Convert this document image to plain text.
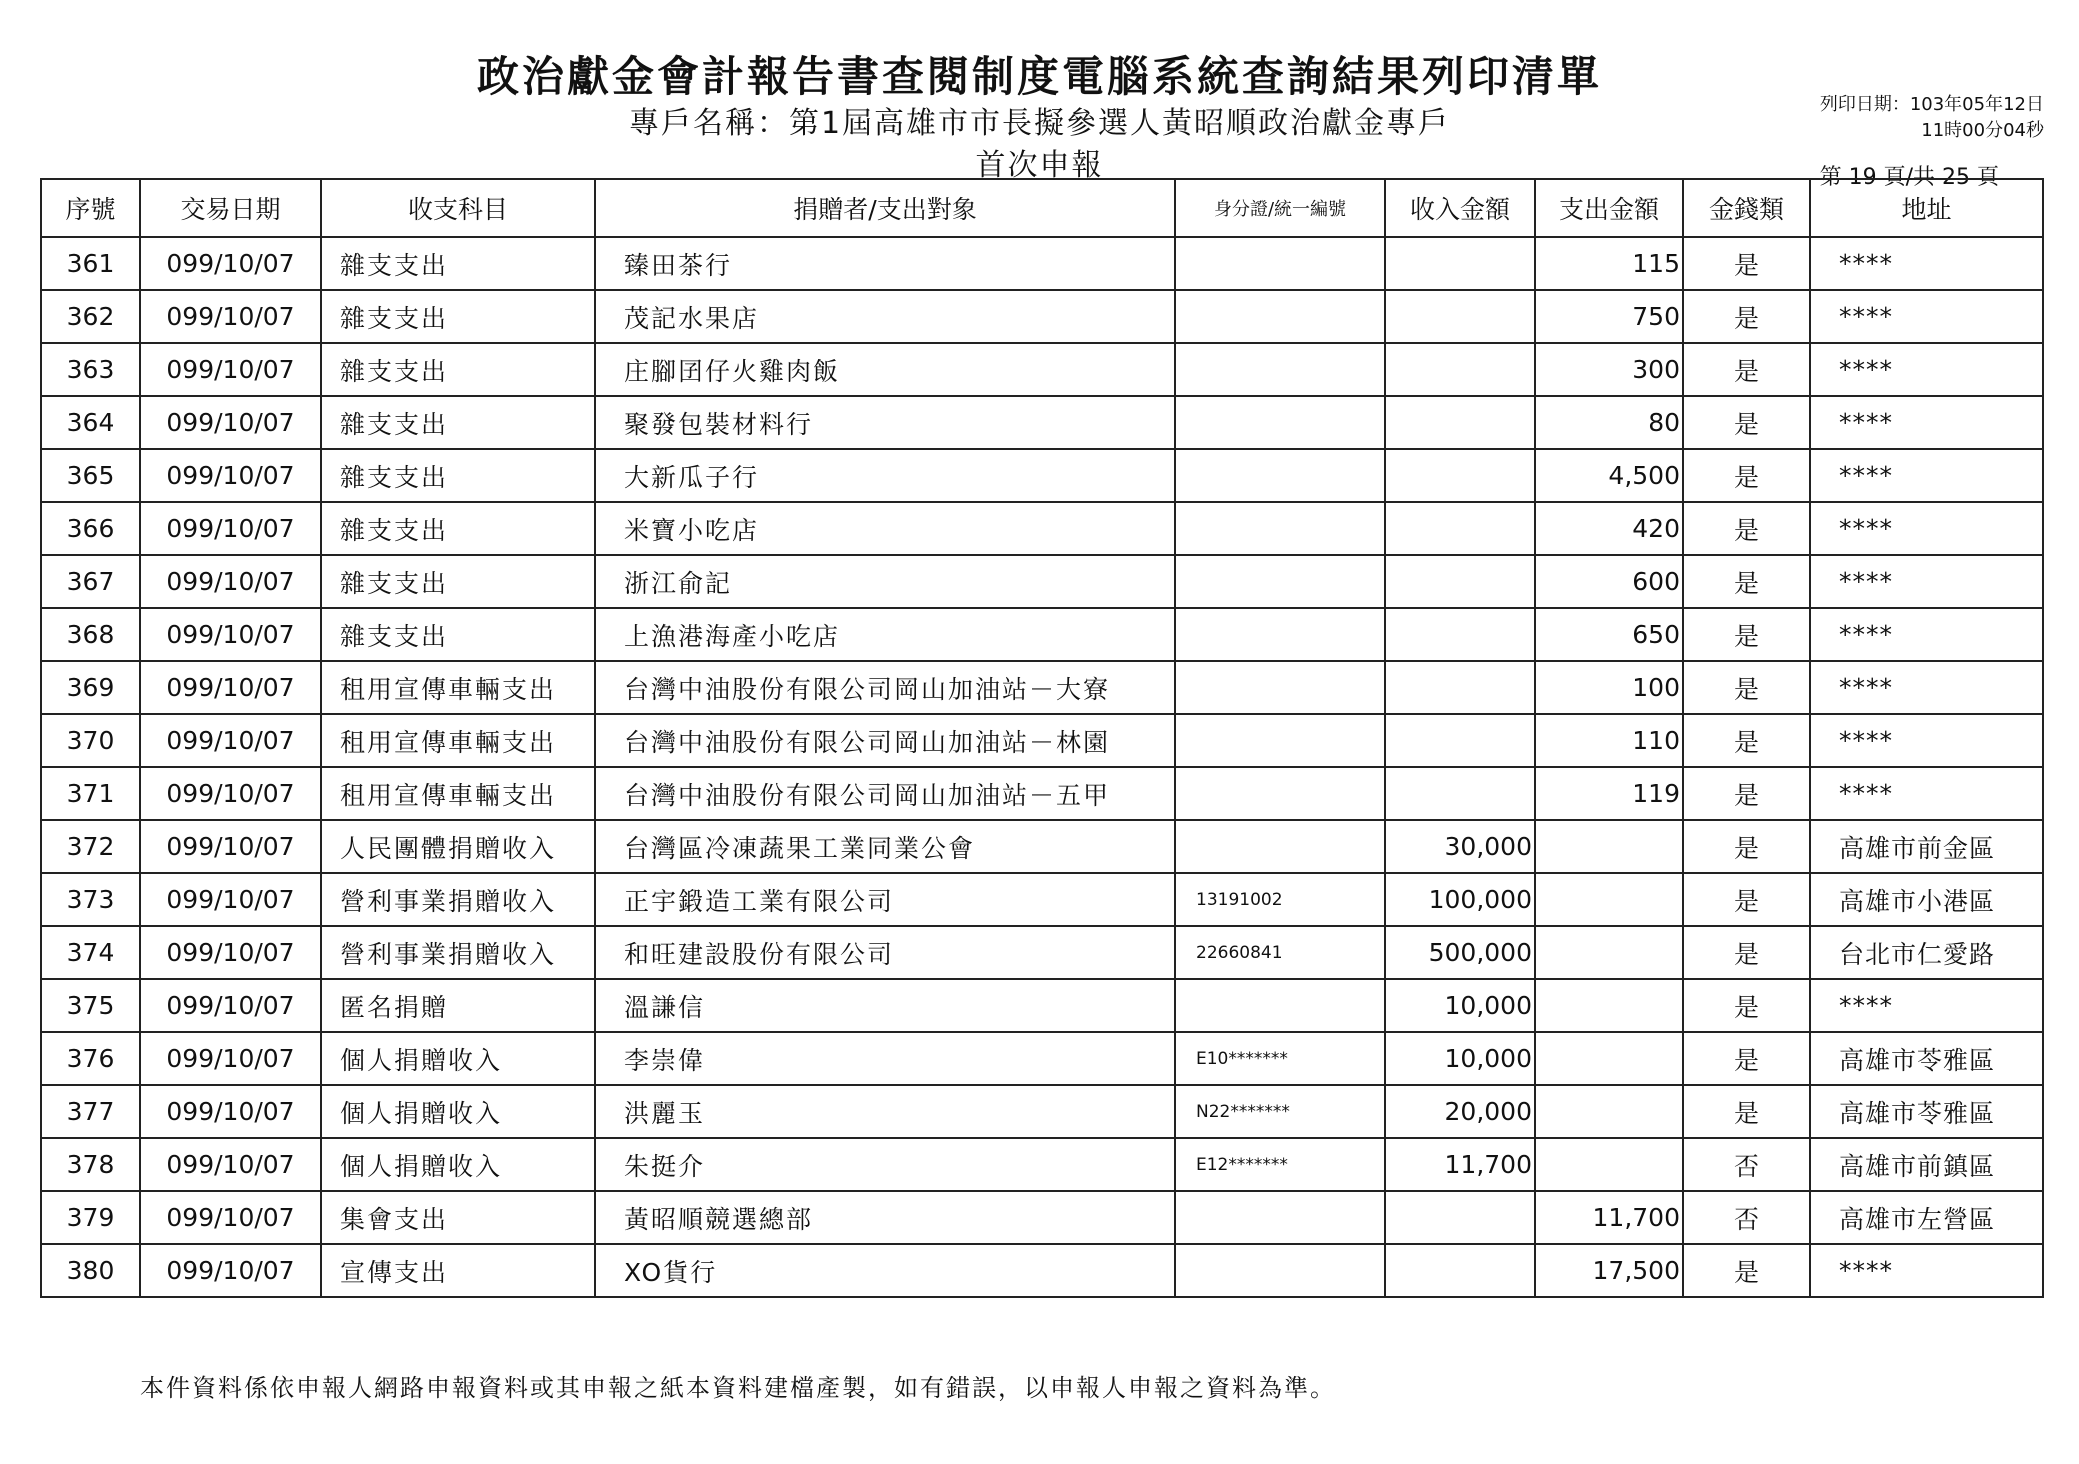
政治獻金會計報告書查閱制度電腦系統查詢結果列印清單
專戶名稱：第1屆高雄市市長擬參選人黃昭順政治獻金專戶
首次申報
列印日期：103年05年12日
11時00分04秒
第 19 頁/共 25 頁
序號	交易日期	收支科目	捐贈者/支出對象	身分證/統一編號	收入金額	支出金額	金錢類	地址
361	099/10/07	雜支支出	臻田茶行			115	是	****
362	099/10/07	雜支支出	茂記水果店			750	是	****
363	099/10/07	雜支支出	庄腳囝仔火雞肉飯			300	是	****
364	099/10/07	雜支支出	聚發包裝材料行			80	是	****
365	099/10/07	雜支支出	大新瓜子行			4,500	是	****
366	099/10/07	雜支支出	米寶小吃店			420	是	****
367	099/10/07	雜支支出	浙江俞記			600	是	****
368	099/10/07	雜支支出	上漁港海產小吃店			650	是	****
369	099/10/07	租用宣傳車輛支出	台灣中油股份有限公司岡山加油站－大寮			100	是	****
370	099/10/07	租用宣傳車輛支出	台灣中油股份有限公司岡山加油站－林園			110	是	****
371	099/10/07	租用宣傳車輛支出	台灣中油股份有限公司岡山加油站－五甲			119	是	****
372	099/10/07	人民團體捐贈收入	台灣區冷凍蔬果工業同業公會		30,000		是	高雄市前金區
373	099/10/07	營利事業捐贈收入	正宇鍛造工業有限公司	13191002	100,000		是	高雄市小港區
374	099/10/07	營利事業捐贈收入	和旺建設股份有限公司	22660841	500,000		是	台北市仁愛路
375	099/10/07	匿名捐贈	溫謙信		10,000		是	****
376	099/10/07	個人捐贈收入	李崇偉	E10*******	10,000		是	高雄市苓雅區
377	099/10/07	個人捐贈收入	洪麗玉	N22*******	20,000		是	高雄市苓雅區
378	099/10/07	個人捐贈收入	朱挺介	E12*******	11,700		否	高雄市前鎮區
379	099/10/07	集會支出	黃昭順競選總部			11,700	否	高雄市左營區
380	099/10/07	宣傳支出	XO貨行			17,500	是	****
本件資料係依申報人網路申報資料或其申報之紙本資料建檔產製，如有錯誤，以申報人申報之資料為準。
